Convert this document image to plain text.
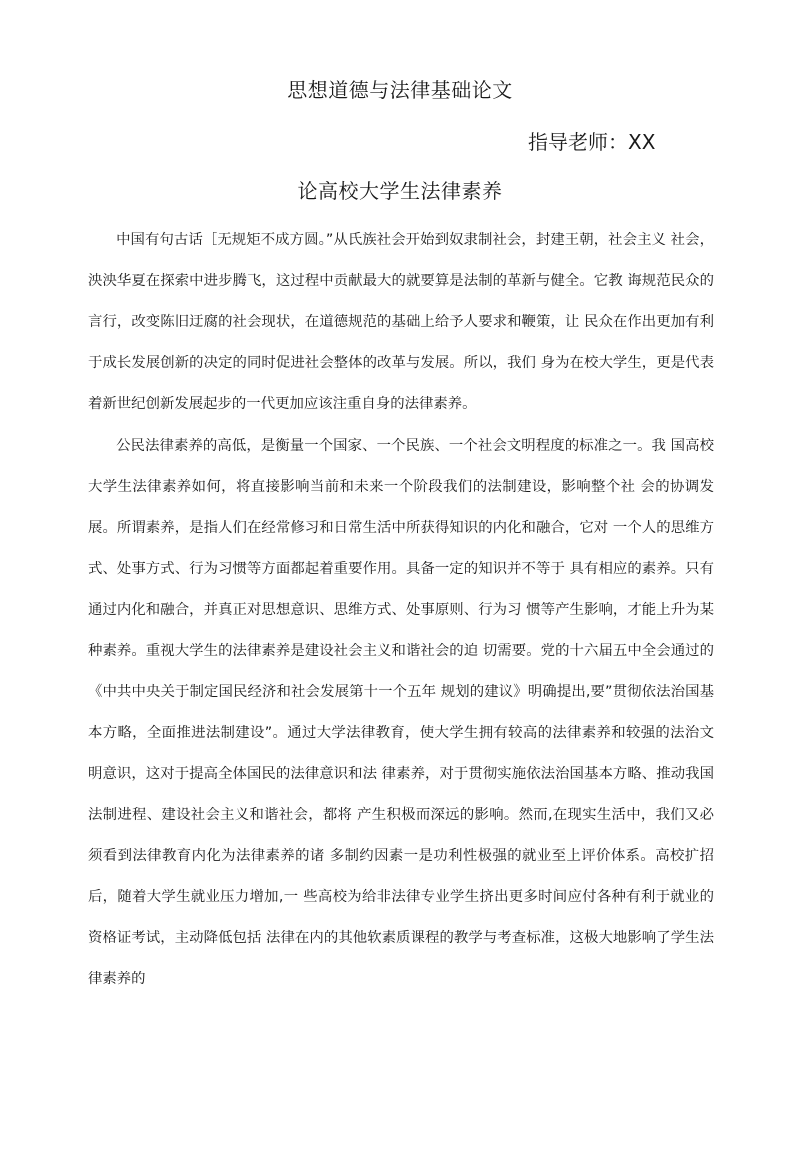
思想道德与法律基础论文

指导老师：XX

论高校大学生法律素养

中国有句古话［无规矩不成方圆。”从氏族社会开始到奴隶制社会，封建王朝，社会主义 社会，泱泱华夏在探索中进步腾飞，这过程中贡献最大的就要算是法制的革新与健全。它教 诲规范民众的言行，改变陈旧迂腐的社会现状，在道德规范的基础上给予人要求和鞭策，让 民众在作出更加有利于成长发展创新的决定的同时促进社会整体的改革与发展。所以，我们 身为在校大学生，更是代表着新世纪创新发展起步的一代更加应该注重自身的法律素养。

公民法律素养的高低，是衡量一个国家、一个民族、一个社会文明程度的标准之一。我 国高校大学生法律素养如何，将直接影响当前和未来一个阶段我们的法制建设，影响整个社 会的协调发展。所谓素养，是指人们在经常修习和日常生活中所获得知识的内化和融合，它对 一个人的思维方式、处事方式、行为习惯等方面都起着重要作用。具备一定的知识并不等于 具有相应的素养。只有通过内化和融合，并真正对思想意识、思维方式、处事原则、行为习 惯等产生影响，才能上升为某种素养。重视大学生的法律素养是建设社会主义和谐社会的迫 切需要。党的十六届五中全会通过的《中共中央关于制定国民经济和社会发展第十一个五年 规划的建议》明确提出,要”贯彻依法治国基本方略，全面推进法制建设”。通过大学法律教育，使大学生拥有较高的法律素养和较强的法治文明意识，这对于提高全体国民的法律意识和法 律素养，对于贯彻实施依法治国基本方略、推动我国法制进程、建设社会主义和谐社会，都将 产生积极而深远的影响。然而,在现实生活中，我们又必须看到法律教育内化为法律素养的诸 多制约因素一是功利性极强的就业至上评价体系。高校扩招后，随着大学生就业压力增加,一 些高校为给非法律专业学生挤出更多时间应付各种有利于就业的资格证考试，主动降低包括 法律在内的其他软素质课程的教学与考查标准，这极大地影响了学生法律素养的
